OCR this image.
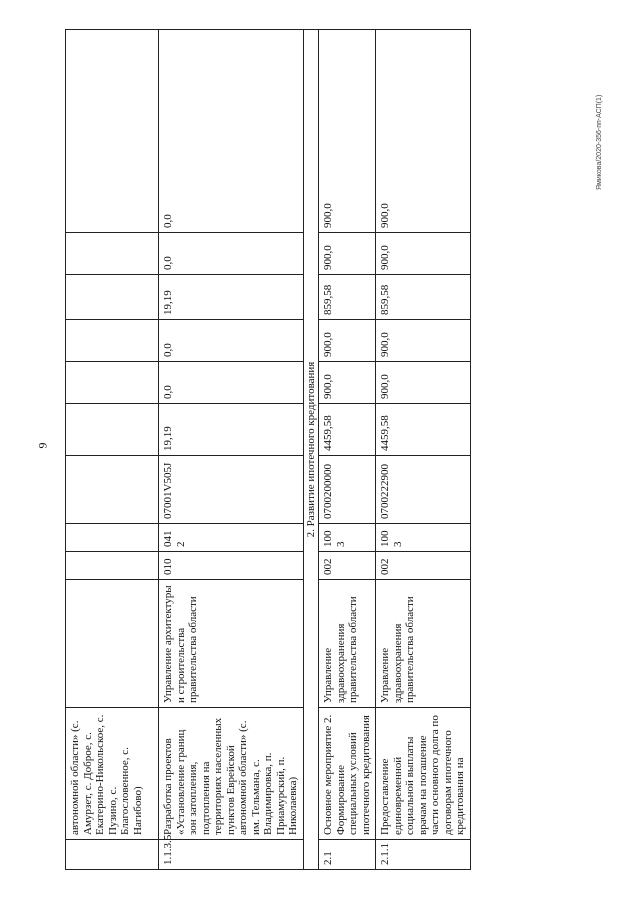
9
Ямикова/2020-356-пп-АСП(1)
	автономной области» (с. Амурзет, с. Доброе, с. Екатерино-Никольское, с. Пузино, с. Благословенное, с. Нагибово)										
1.1.3.5	Разработка проектов «Установление границ зон затопления, подтопления на территориях населенных пунктов Еврейской автономной области» (с. им. Тельмана, с. Владимировка, п. Приамурский, п. Николаевка)	Управление архитектуры и строительства правительства области	010	0412	07001V505J	19,19	0,0	0,0	19,19	0,0	0,0
2. Развитие ипотечного кредитования											
2.1	Основное мероприятие 2. Формирование специальных условий ипотечного кредитования	Управление здравоохранения правительства области	002	1003	0700200000	4459,58	900,0	900,0	859,58	900,0	900,0
2.1.1	Предоставление единовременной социальной выплаты врачам на погашение части основного долга по договорам ипотечного кредитования на	Управление здравоохранения правительства области	002	1003	0700222900	4459,58	900,0	900,0	859,58	900,0	900,0
